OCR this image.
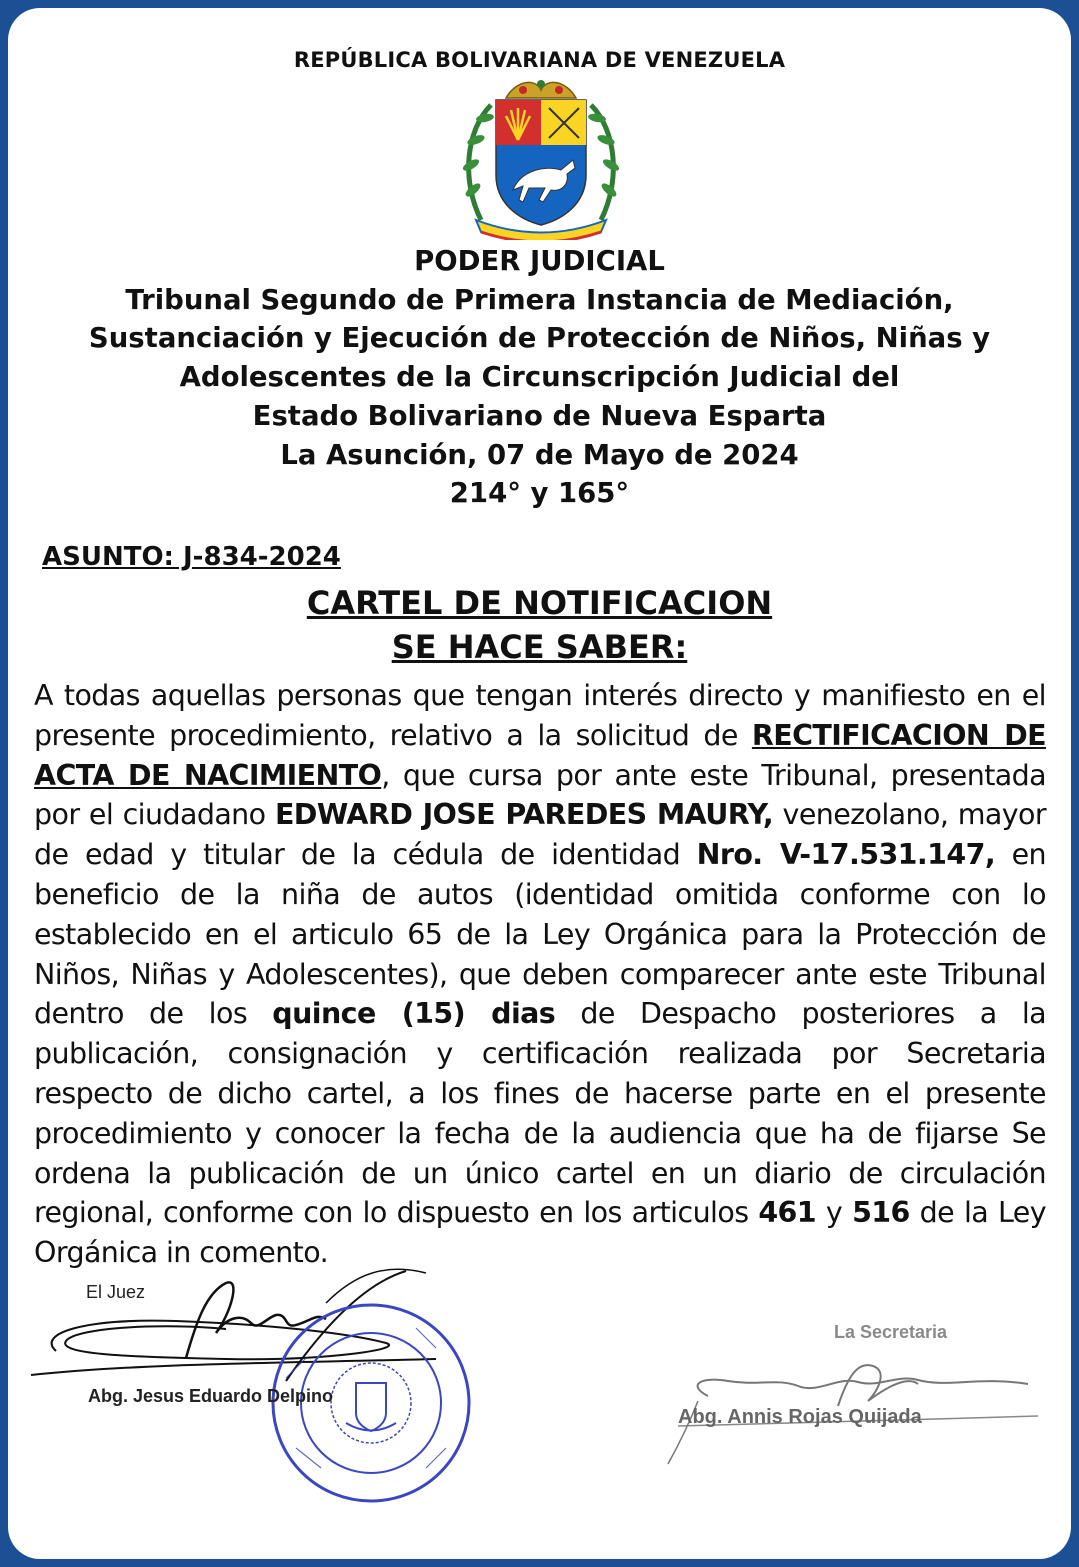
REPÚBLICA BOLIVARIANA DE VENEZUELA
PODER JUDICIAL
Tribunal Segundo de Primera Instancia de Mediación,
Sustanciación y Ejecución de Protección de Niños, Niñas y
Adolescentes de la Circunscripción Judicial del
Estado Bolivariano de Nueva Esparta
La Asunción, 07 de Mayo de 2024
214° y 165°
ASUNTO: J-834-2024
CARTEL DE NOTIFICACION
SE HACE SABER:
A todas aquellas personas que tengan interés directo y manifiesto en el presente procedimiento, relativo a la solicitud de RECTIFICACION DE ACTA DE NACIMIENTO, que cursa por ante este Tribunal, presentada por el ciudadano EDWARD JOSE PAREDES MAURY, venezolano, mayor de edad y titular de la cédula de identidad Nro. V-17.531.147, en beneficio de la niña de autos (identidad omitida conforme con lo establecido en el articulo 65 de la Ley Orgánica para la Protección de Niños, Niñas y Adolescentes), que deben comparecer ante este Tribunal dentro de los quince (15) dias de Despacho posteriores a la publicación, consignación y certificación realizada por Secretaria respecto de dicho cartel, a los fines de hacerse parte en el presente procedimiento y conocer la fecha de la audiencia que ha de fijarse Se ordena la publicación de un único cartel en un diario de circulación regional, conforme con lo dispuesto en los articulos 461 y 516 de la Ley Orgánica in comento.
El Juez
Abg. Jesus Eduardo Delpino
La Secretaria
Abg. Annis Rojas Quijada
